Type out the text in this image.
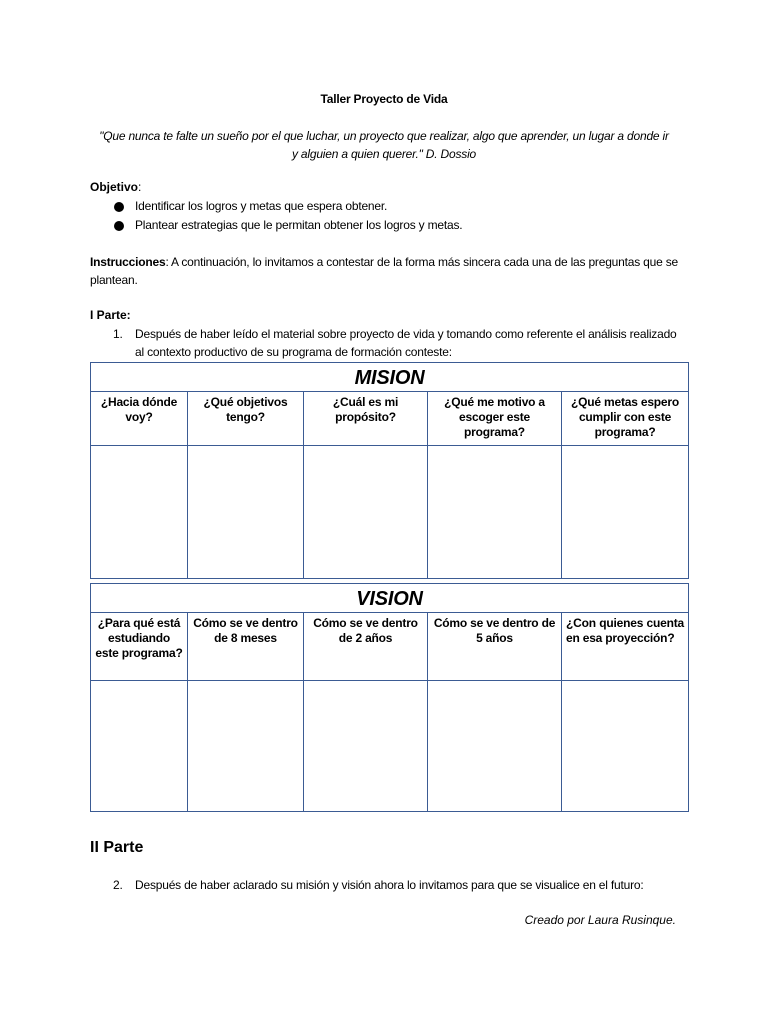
Taller Proyecto de Vida
"Que nunca te falte un sueño por el que luchar, un proyecto que realizar, algo que aprender, un lugar a donde ir y alguien a quien querer." D. Dossio
Objetivo:
Identificar los logros y metas que espera obtener.
Plantear estrategias que le permitan obtener los logros y metas.
Instrucciones: A continuación, lo invitamos a contestar de la forma más sincera cada una de las preguntas que se plantean.
I Parte:
1. Después de haber leído el material sobre proyecto de vida y tomando como referente el análisis realizado al contexto productivo de su programa de formación conteste:
MISION				
¿Hacia dónde voy?	¿Qué objetivos tengo?	¿Cuál es mi propósito?	¿Qué me motivo a escoger este programa?	¿Qué metas espero cumplir con este programa?

VISION				
¿Para qué está estudiando este programa?	Cómo se ve dentro de 8 meses	Cómo se ve dentro de 2 años	Cómo se ve dentro de 5 años	¿Con quienes cuenta en esa proyección?

II Parte
2. Después de haber aclarado su misión y visión ahora lo invitamos para que se visualice en el futuro:
Creado por Laura Rusinque.
